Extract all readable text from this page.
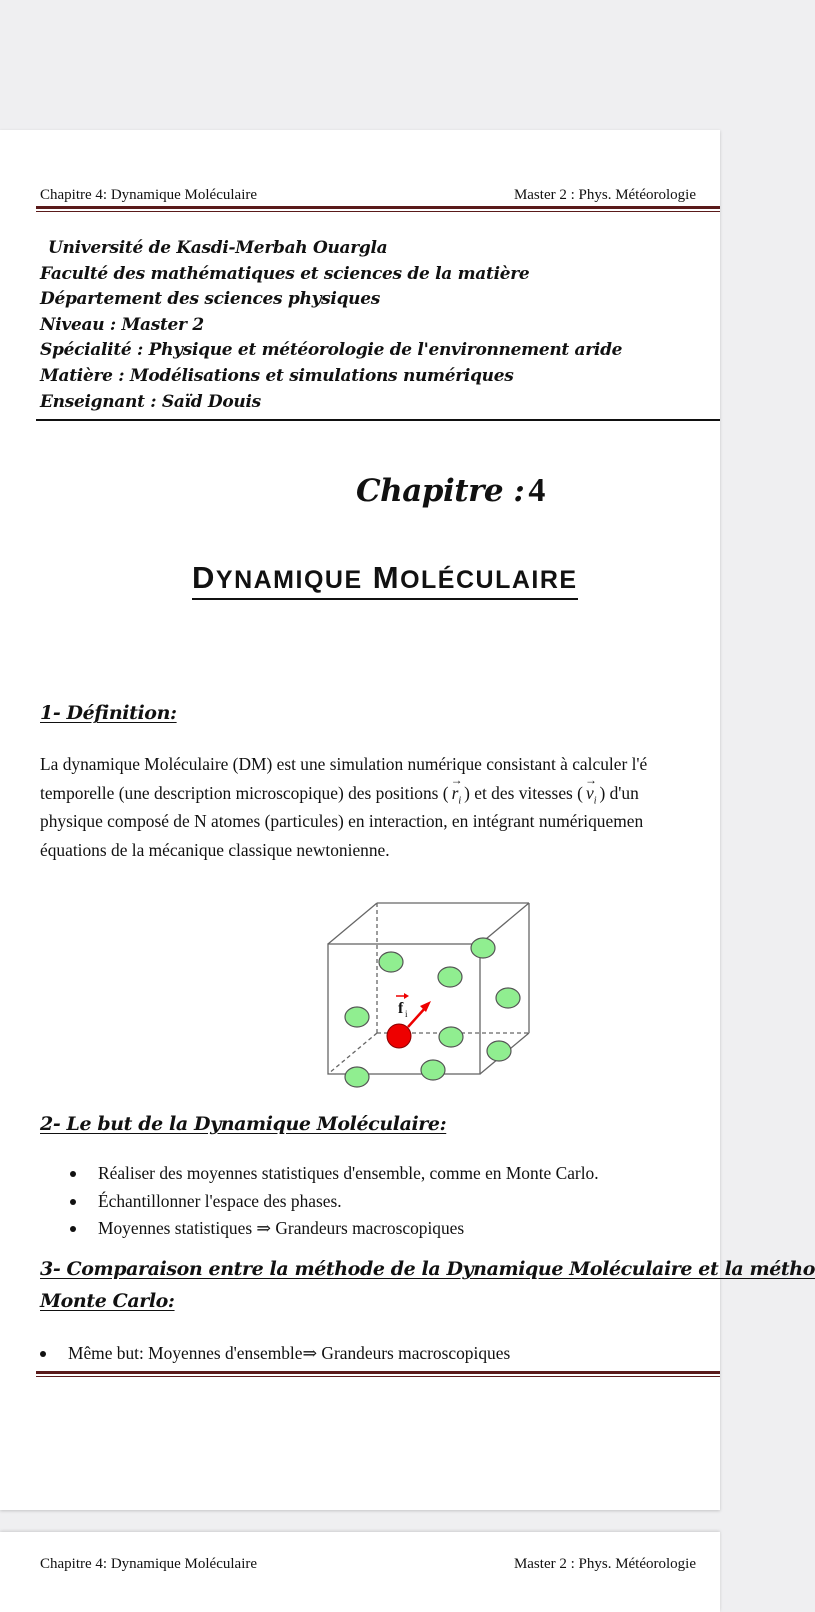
Chapitre 4: Dynamique Moléculaire	Master 2 : Phys. Météorologie
Université de Kasdi-Merbah Ouargla
Faculté des mathématiques et sciences de la matière
Département des sciences physiques
Niveau : Master 2
Spécialité : Physique et météorologie de l'environnement aride
Matière : Modélisations et simulations numériques
Enseignant : Saïd Douis
Chapitre : 4
DYNAMIQUE MOLÉCULAIRE
1- Définition:
La dynamique Moléculaire (DM) est une simulation numérique consistant à calculer l'é
temporelle (une description microscopique) des positions (
→
$r_i$ ) et des vitesses (
→
$v_i$ ) d'un
physique composé de N atomes (particules) en interaction, en intégrant numériquemen
équations de la mécanique classique newtonienne.
f i
2- Le but de la Dynamique Moléculaire:
Réaliser des moyennes statistiques d'ensemble, comme en Monte Carlo.
Échantillonner l'espace des phases.
Moyennes statistiques ⇒ Grandeurs macroscopiques
3- Comparaison entre la méthode de la Dynamique Moléculaire et la métho
Monte Carlo:
Même but: Moyennes d'ensemble⇒ Grandeurs macroscopiques
Chapitre 4: Dynamique Moléculaire	Master 2 : Phys. Météorologie
